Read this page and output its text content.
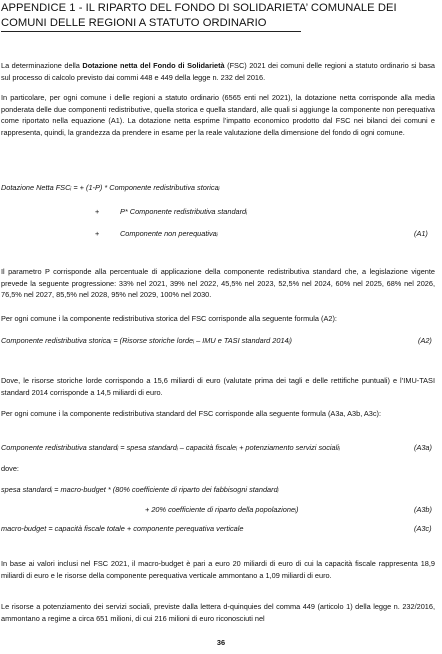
APPENDICE 1 - IL RIPARTO DEL FONDO DI SOLIDARIETA’ COMUNALE DEI
COMUNI DELLE REGIONI A STATUTO ORDINARIO

La determinazione della Dotazione netta del Fondo di Solidarietà (FSC) 2021 dei comuni delle regioni a statuto ordinario si basa sul processo di calcolo previsto dai commi 448 e 449 della legge n. 232 del 2016.

In particolare, per ogni comune i delle regioni a statuto ordinario (6565 enti nel 2021), la dotazione netta corrisponde alla media ponderata delle due componenti redistributive, quella storica e quella standard, alle quali si aggiunge la componente non perequativa come riportato nella equazione (A1). La dotazione netta esprime l’impatto economico prodotto dal FSC nei bilanci dei comuni e rappresenta, quindi, la grandezza da prendere in esame per la reale valutazione della dimensione del fondo di ogni comune.

Dotazione Netta FSCᵢ = + (1-P) * Componente redistributiva storicaᵢ

+	P* Componente redistributiva standardᵢ

+	Componente non perequativaᵢ	(A1)

Il parametro P corrisponde alla percentuale di applicazione della componente redistributiva standard che, a legislazione vigente prevede la seguente progressione: 33% nel 2021, 39% nel 2022, 45,5% nel 2023, 52,5% nel 2024, 60% nel 2025, 68% nel 2026, 76,5% nel 2027, 85,5% nel 2028, 95% nel 2029, 100% nel 2030.

Per ogni comune i la componente redistributiva storica del FSC corrisponde alla seguente formula (A2):

Componente redistributiva storicaᵢ = (Risorse storiche lordeᵢ – IMU e TASI standard 2014ᵢ)	(A2)

Dove, le risorse storiche lorde corrispondo a 15,6 miliardi di euro (valutate prima dei tagli e delle rettifiche puntuali) e l’IMU-TASI standard 2014 corrisponde a 14,5 miliardi di euro.

Per ogni comune i la componente redistributiva standard del FSC corrisponde alla seguente formula (A3a, A3b, A3c):

Componente redistributiva standardᵢ = spesa standardᵢ – capacità fiscaleᵢ + potenziamento servizi socialiᵢ	(A3a)

dove:

spesa standardᵢ = macro-budget * (80% coefficiente di riparto dei fabbisogni standardᵢ

+ 20% coefficiente di riparto della popolazioneᵢ)	(A3b)

macro-budget = capacità fiscale totale + componente perequativa verticale	(A3c)

In base ai valori inclusi nel FSC 2021, il macro-budget è pari a euro 20 miliardi di euro di cui la capacità fiscale rappresenta 18,9 miliardi di euro e le risorse della componente perequativa verticale ammontano a 1,09 miliardi di euro.

Le risorse a potenziamento dei servizi sociali, previste dalla lettera d-quinquies del comma 449 (articolo 1) della legge n. 232/2016, ammontano a regime a circa 651 milioni, di cui 216 milioni di euro riconosciuti nel

36
